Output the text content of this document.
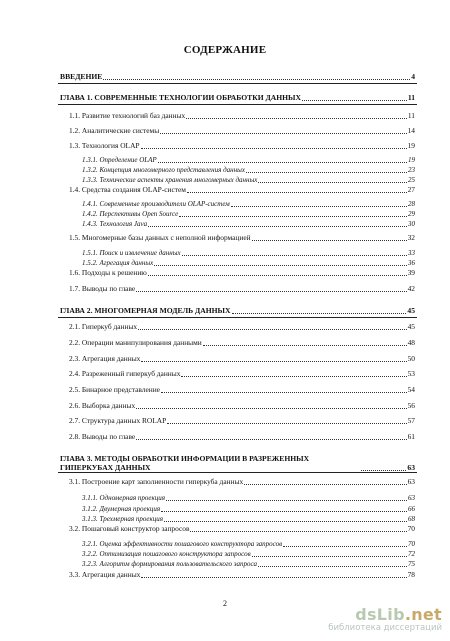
СОДЕРЖАНИЕ
ВВЕДЕНИЕ	4
ГЛАВА 1. СОВРЕМЕННЫЕ ТЕХНОЛОГИИ ОБРАБОТКИ ДАННЫХ	11
1.1. Развитие технологий баз данных	11
1.2. Аналитические системы	14
1.3. Технология OLAP	19
1.3.1. Определение OLAP	19
1.3.2. Концепция многомерного представления данных	23
1.3.3. Технические аспекты хранения многомерных данных	25
1.4. Средства создания OLAP-систем	27
1.4.1. Современные производители OLAP-систем	28
1.4.2. Перспективы Open Source	29
1.4.3. Технология Java	30
1.5. Многомерные базы данных с неполной информацией	32
1.5.1. Поиск и извлечение данных	33
1.5.2. Агрегация данных	36
1.6. Подходы к решению	39
1.7. Выводы по главе	42
ГЛАВА 2. МНОГОМЕРНАЯ МОДЕЛЬ ДАННЫХ	45
2.1. Гиперкуб данных	45
2.2. Операции манипулирования данными	48
2.3. Агрегация данных	50
2.4. Разреженный гиперкуб данных	53
2.5. Бинарное представление	54
2.6. Выборка данных	56
2.7. Структура данных ROLAP	57
2.8. Выводы по главе	61
ГЛАВА 3. МЕТОДЫ ОБРАБОТКИ ИНФОРМАЦИИ В РАЗРЕЖЕННЫХ ГИПЕРКУБАХ ДАННЫХ	63
3.1. Построение карт заполненности гиперкуба данных	63
3.1.1. Одномерная проекция	63
3.1.2. Двумерная проекция	66
3.1.3. Трехмерная проекция	68
3.2. Пошаговый конструктор запросов	70
3.2.1. Оценка эффективности пошагового конструктора запросов	70
3.2.2. Оптимизация пошагового конструктора запросов	72
3.2.3. Алгоритм формирования пользовательского запроса	75
3.3. Агрегация данных	78
2
dsLib.net
библиотека диссертаций
